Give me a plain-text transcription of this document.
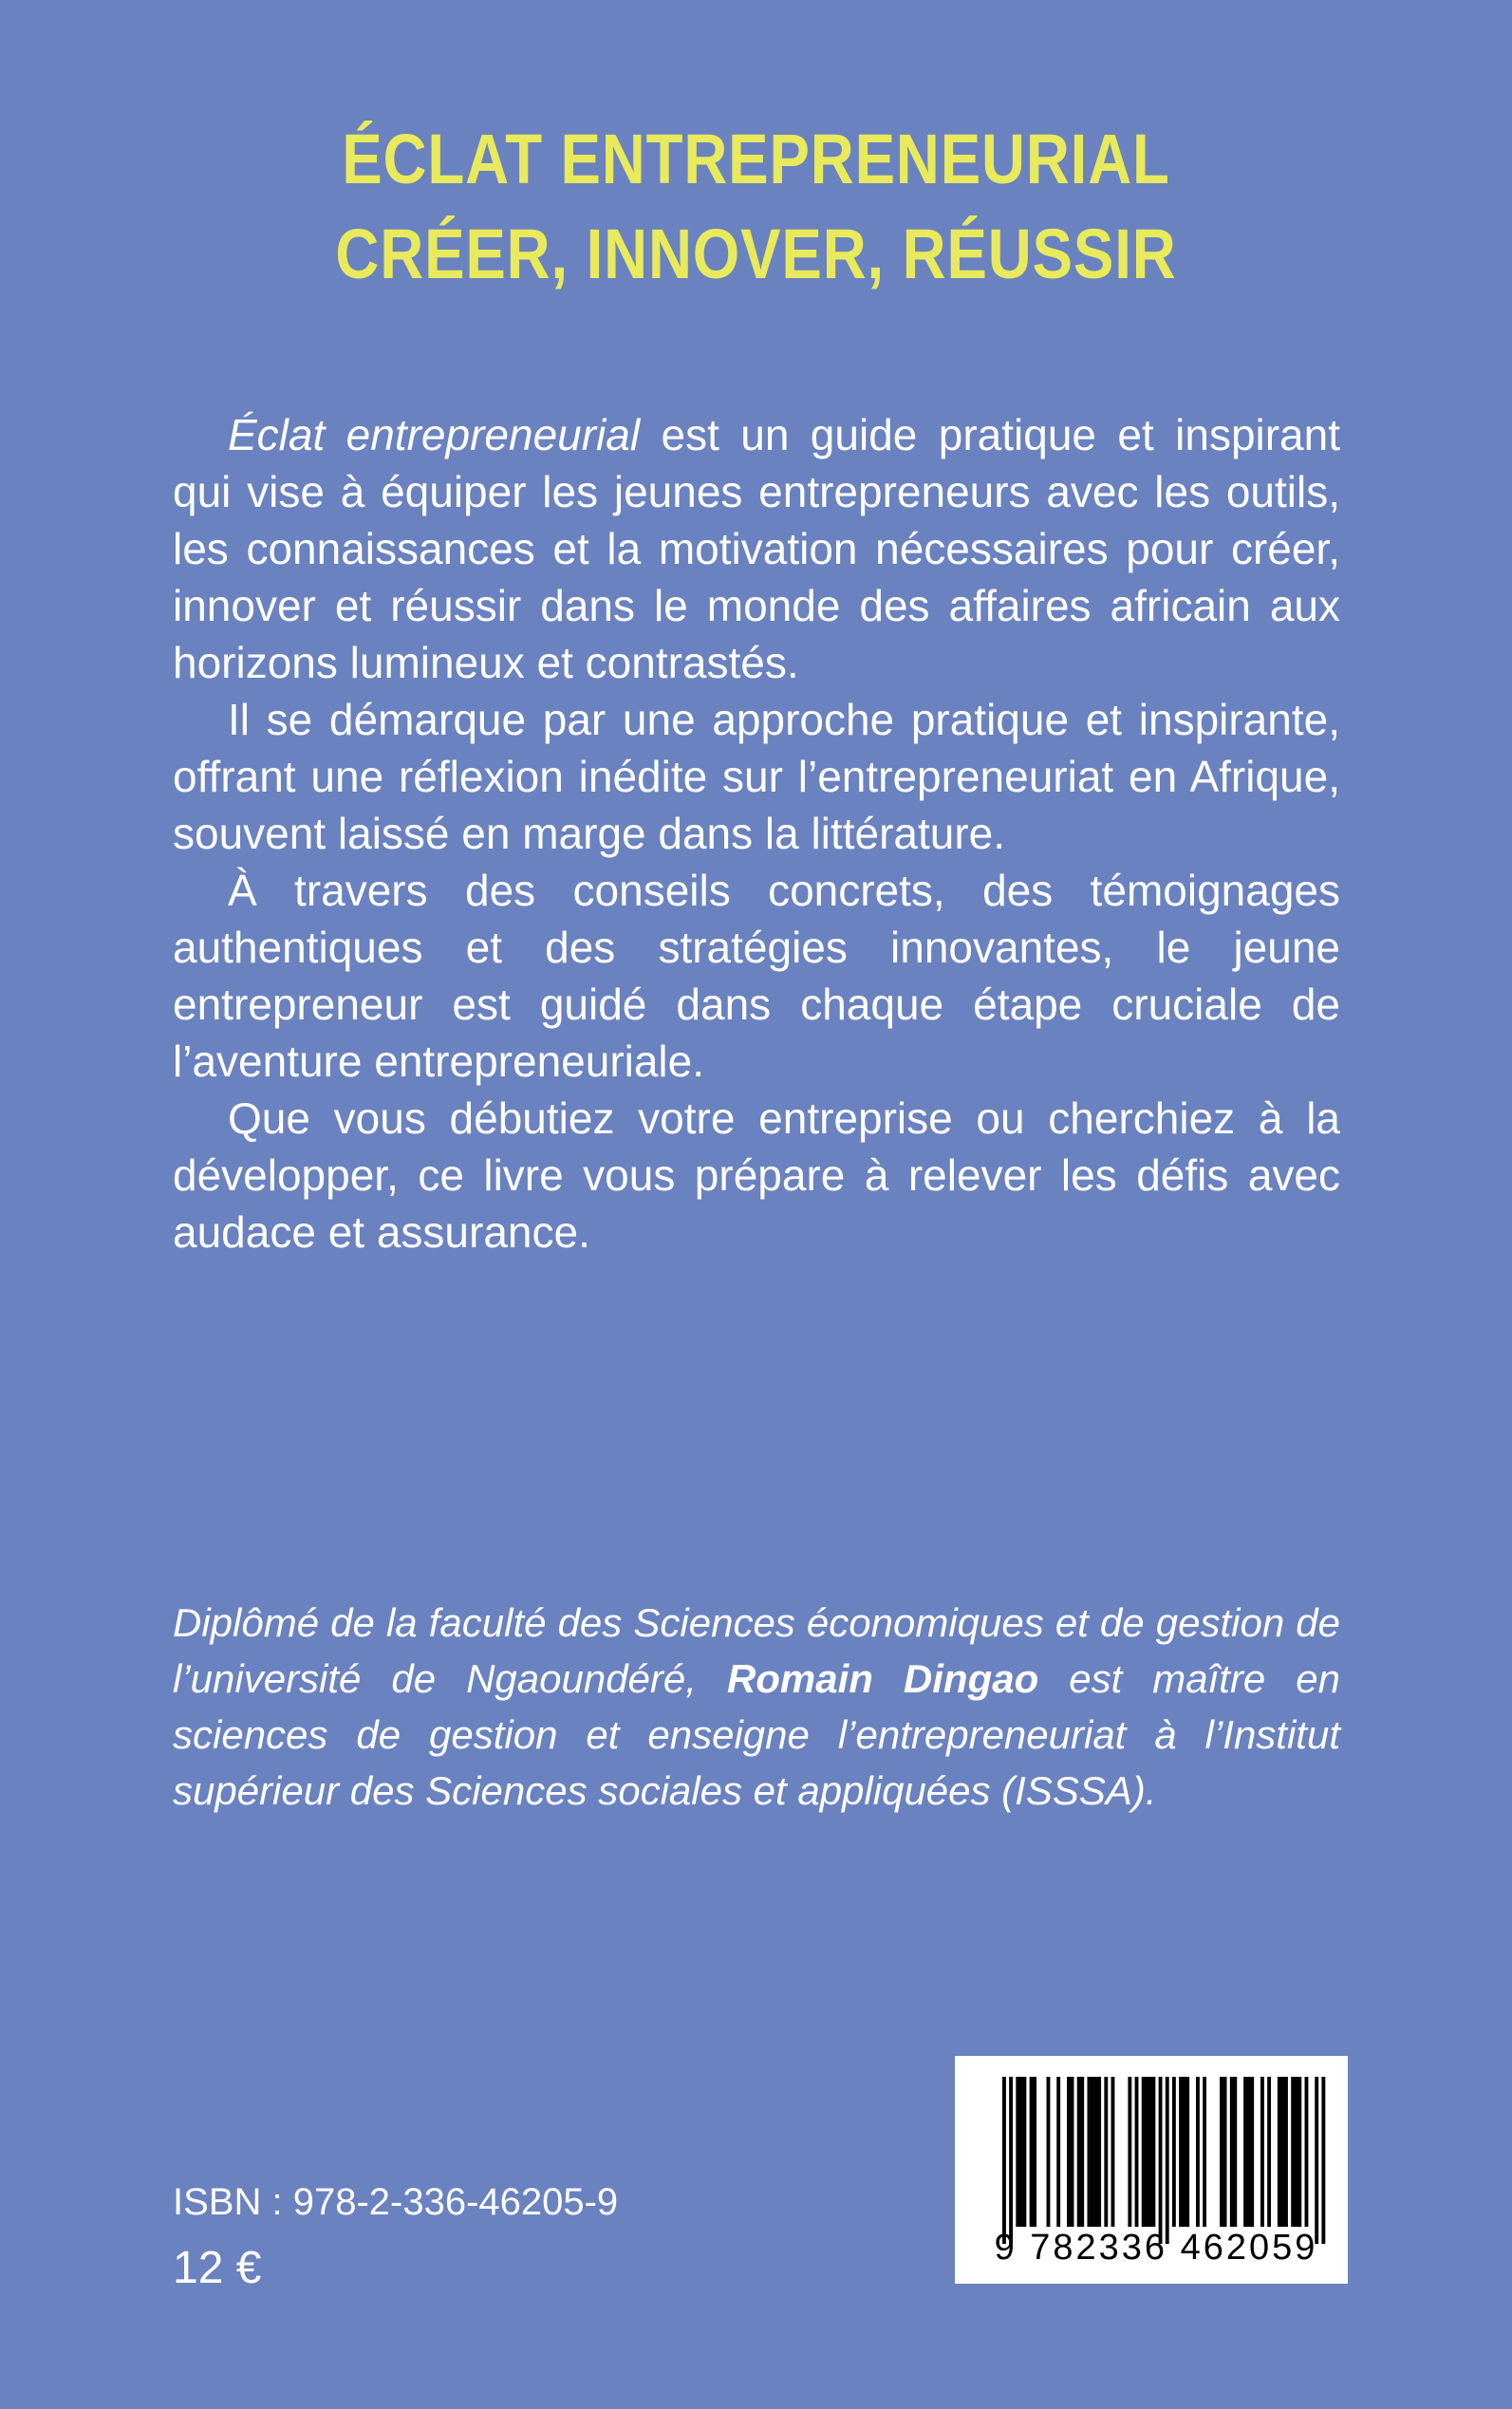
ÉCLAT ENTREPRENEURIAL
CRÉER, INNOVER, RÉUSSIR

Éclat entrepreneurial est un guide pratique et inspirant qui vise à équiper les jeunes entrepreneurs avec les outils, les connaissances et la motivation nécessaires pour créer, innover et réussir dans le monde des affaires africain aux horizons lumineux et contrastés.

Il se démarque par une approche pratique et inspirante, offrant une réflexion inédite sur l’entrepreneuriat en Afrique, souvent laissé en marge dans la littérature.

À travers des conseils concrets, des témoignages authentiques et des stratégies innovantes, le jeune entrepreneur est guidé dans chaque étape cruciale de l’aventure entrepreneuriale.

Que vous débutiez votre entreprise ou cherchiez à la développer, ce livre vous prépare à relever les défis avec audace et assurance.

Diplômé de la faculté des Sciences économiques et de gestion de l’université de Ngaoundéré, Romain Dingao est maître en sciences de gestion et enseigne l’entrepreneuriat à l’Institut supérieur des Sciences sociales et appliquées (ISSSA).
ISBN : 978-2-336-46205-9
12 €	9 782336 462059
